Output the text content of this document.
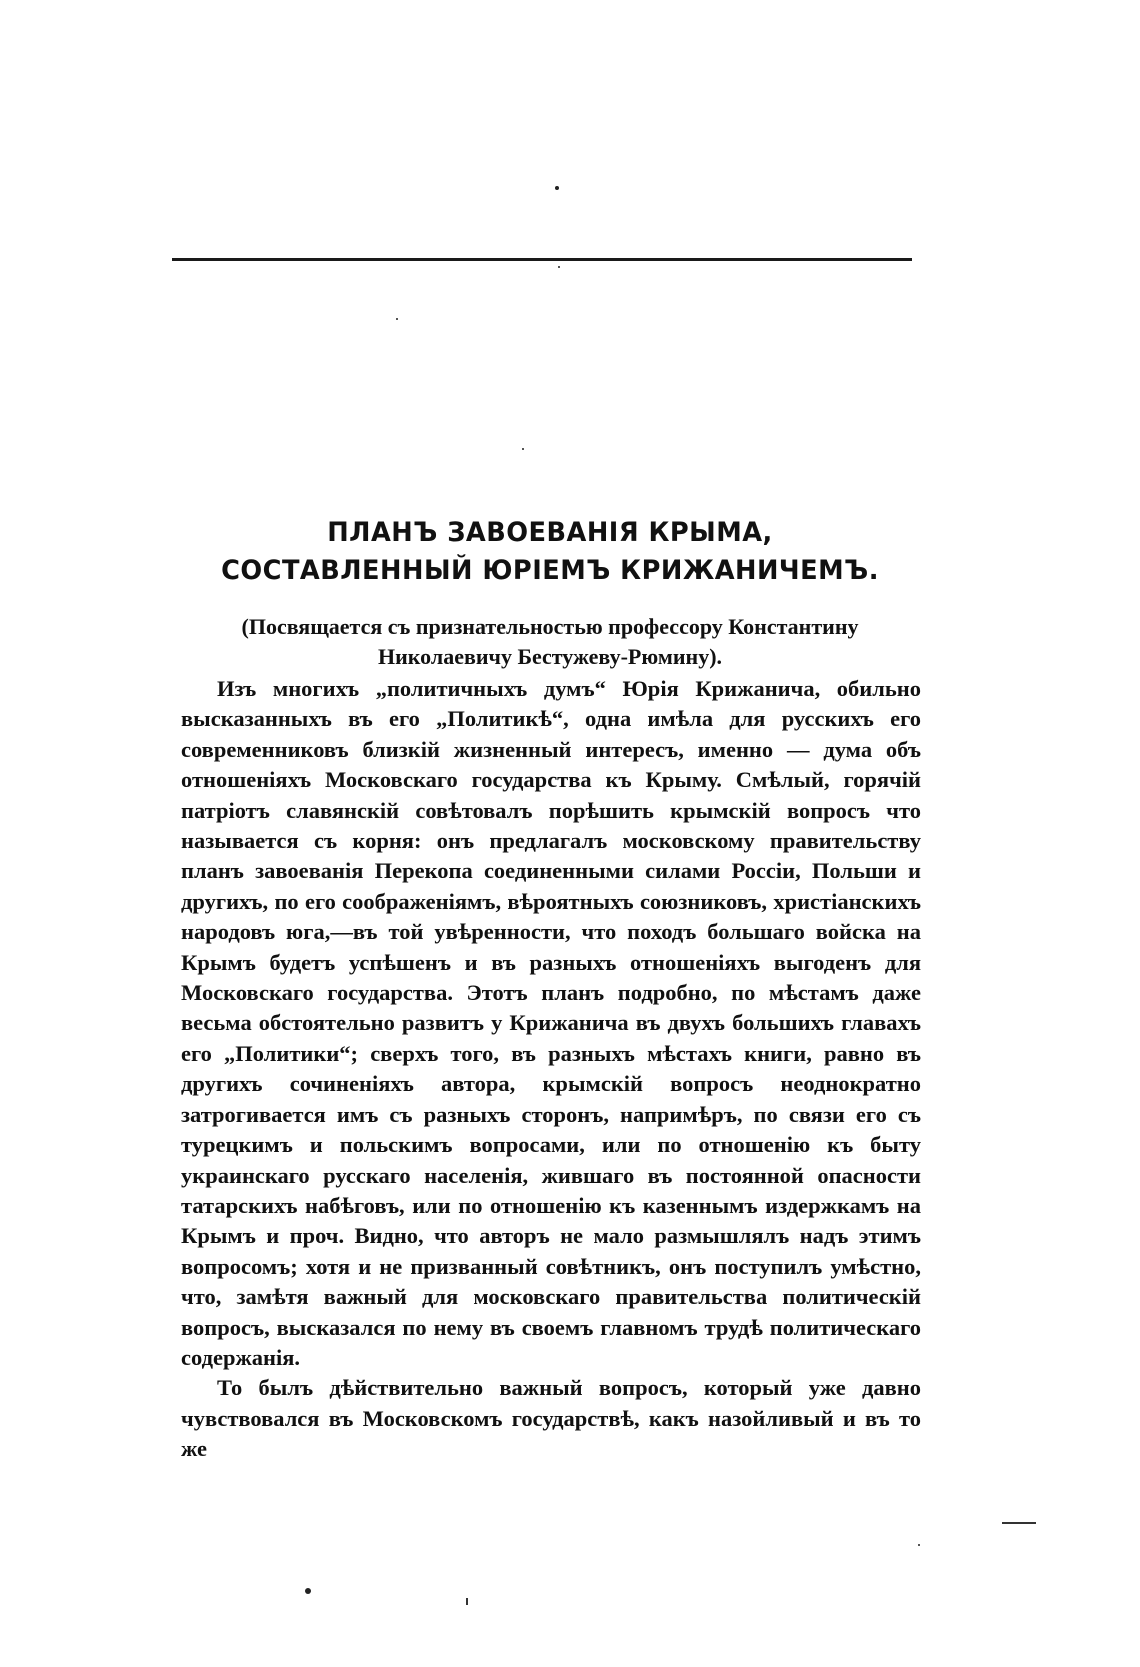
ПЛАНЪ ЗАВОЕВАНІЯ КРЫМА, СОСТАВЛЕННЫЙ ЮРІЕМЪ КРИЖАНИЧЕМЪ.
(Посвящается съ признательностью профессору Константину Николаевичу Бестужеву-Рюмину).

Изъ многихъ „политичныхъ думъ“ Юрія Крижанича, обильно высказанныхъ въ его „Политикѣ“, одна имѣла для русскихъ его современниковъ близкій жизненный интересъ, именно — дума объ отношеніяхъ Московскаго государства къ Крыму. Смѣлый, горячій патріотъ славянскій совѣтовалъ порѣшить крымскій вопросъ что называется съ корня: онъ предлагалъ московскому правительству планъ завоеванія Перекопа соединенными силами Россіи, Польши и другихъ, по его соображеніямъ, вѣроятныхъ союзниковъ, христіанскихъ народовъ юга,—въ той увѣренности, что походъ большаго войска на Крымъ будетъ успѣшенъ и въ разныхъ отношеніяхъ выгоденъ для Московскаго государства. Этотъ планъ подробно, по мѣстамъ даже весьма обстоятельно развитъ у Крижанича въ двухъ большихъ главахъ его „Политики“; сверхъ того, въ разныхъ мѣстахъ книги, равно въ другихъ сочиненіяхъ автора, крымскій вопросъ неоднократно затрогивается имъ съ разныхъ сторонъ, напримѣръ, по связи его съ турецкимъ и польскимъ вопросами, или по отношенію къ быту украинскаго русскаго населенія, жившаго въ постоянной опасности татарскихъ набѣговъ, или по отношенію къ казеннымъ издержкамъ на Крымъ и проч. Видно, что авторъ не мало размышлялъ надъ этимъ вопросомъ; хотя и не призванный совѣтникъ, онъ поступилъ умѣстно, что, замѣтя важный для московскаго правительства политическій вопросъ, высказался по нему въ своемъ главномъ трудѣ политическаго содержанія.

То былъ дѣйствительно важный вопросъ, который уже давно чувствовался въ Московскомъ государствѣ, какъ назойливый и въ то же
